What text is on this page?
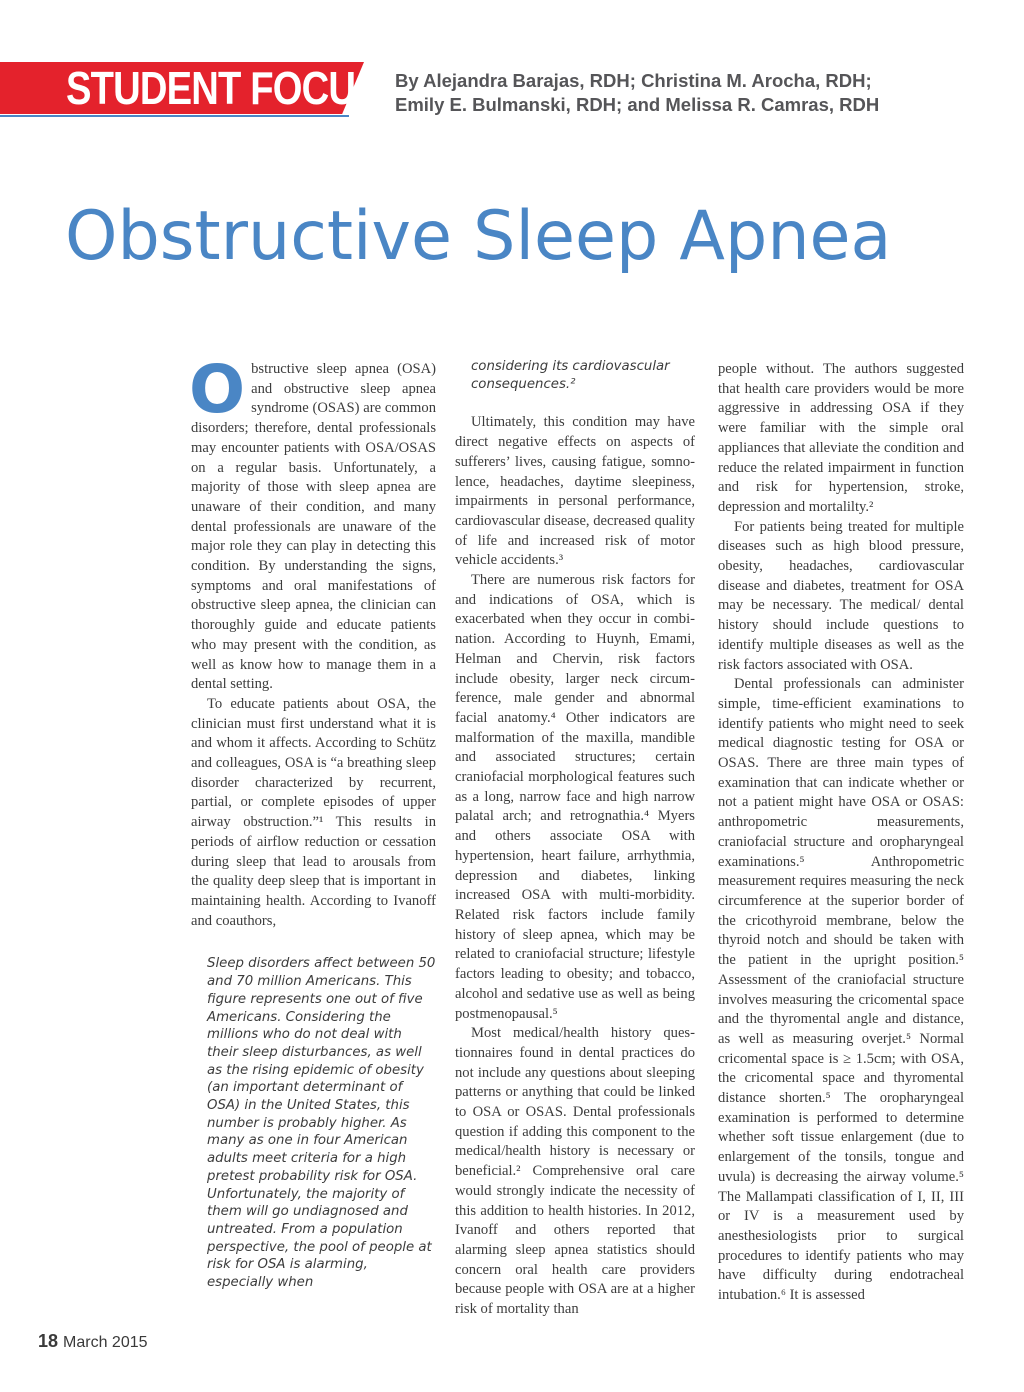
STUDENT FOCUS By Alejandra Barajas, RDH; Christina M. Arocha, RDH;
Emily E. Bulmanski, RDH; and Melissa R. Camras, RDH
Obstructive Sleep Apnea

Obstructive sleep apnea (OSA) and obstructive sleep apnea syndrome (OSAS) are common disorders; therefore, dental professionals may encounter patients with OSA/OSAS on a regular basis. Unfortunately, a majority of those with sleep apnea are unaware of their condition, and many dental professionals are unaware of the major role they can play in detecting this condition. By understanding the signs, symptoms and oral manifestations of obstructive sleep apnea, the clinician can thoroughly guide and educate patients who may present with the condition, as well as know how to manage them in a dental setting.

To educate patients about OSA, the clinician must first understand what it is and whom it affects. According to Schütz and colleagues, OSA is “a breathing sleep disorder characterized by recurrent, partial, or complete episodes of upper airway obstruction.”¹ This results in periods of airflow reduction or cessation during sleep that lead to arousals from the quality deep sleep that is important in maintaining health. According to Ivanoff and coauthors,

Sleep disorders affect between 50 and 70 million Americans. This figure represents one out of five Americans. Considering the millions who do not deal with their sleep disturbances, as well as the rising epidemic of obesity (an important determinant of OSA) in the United States, this number is probably higher. As many as one in four American adults meet criteria for a high pretest probability risk for OSA. Unfortunately, the majority of them will go undiagnosed and untreated. From a population perspective, the pool of people at risk for OSA is alarming, especially when

considering its cardiovascular consequences.²

Ultimately, this condition may have direct negative effects on aspects of sufferers’ lives, causing fatigue, somnolence, headaches, daytime sleepiness, impairments in personal performance, cardiovascular disease, decreased quality of life and increased risk of motor vehicle accidents.³

There are numerous risk factors for and indications of OSA, which is exacerbated when they occur in combination. According to Huynh, Emami, Helman and Chervin, risk factors include obesity, larger neck circumference, male gender and abnormal facial anatomy.⁴ Other indicators are malformation of the maxilla, mandible and associated structures; certain craniofacial morphological features such as a long, narrow face and high narrow palatal arch; and retrognathia.⁴ Myers and others associate OSA with hypertension, heart failure, arrhythmia, depression and diabetes, linking increased OSA with multi-morbidity. Related risk factors include family history of sleep apnea, which may be related to craniofacial structure; lifestyle factors leading to obesity; and tobacco, alcohol and sedative use as well as being postmenopausal.⁵

Most medical/health history questionnaires found in dental practices do not include any questions about sleeping patterns or anything that could be linked to OSA or OSAS. Dental professionals question if adding this component to the medical/health history is necessary or beneficial.² Comprehensive oral care would strongly indicate the necessity of this addition to health histories. In 2012, Ivanoff and others reported that alarming sleep apnea statistics should concern oral health care providers because people with OSA are at a higher risk of mortality than

people without. The authors suggested that health care providers would be more aggressive in addressing OSA if they were familiar with the simple oral appliances that alleviate the condition and reduce the related impairment in function and risk for hypertension, stroke, depression and mortalilty.²

For patients being treated for multiple diseases such as high blood pressure, obesity, headaches, cardiovascular disease and diabetes, treatment for OSA may be necessary. The medical/ dental history should include questions to identify multiple diseases as well as the risk factors associated with OSA.

Dental professionals can administer simple, time-efficient examinations to identify patients who might need to seek medical diagnostic testing for OSA or OSAS. There are three main types of examination that can indicate whether or not a patient might have OSA or OSAS: anthropometric measurements, craniofacial structure and oropharyngeal examinations.⁵ Anthropometric measurement requires measuring the neck circumference at the superior border of the cricothyroid membrane, below the thyroid notch and should be taken with the patient in the upright position.⁵ Assessment of the craniofacial structure involves measuring the cricomental space and the thyromental angle and distance, as well as measuring overjet.⁵ Normal cricomental space is ≥ 1.5cm; with OSA, the cricomental space and thyromental distance shorten.⁵ The oropharyngeal examination is performed to determine whether soft tissue enlargement (due to enlargement of the tonsils, tongue and uvula) is decreasing the airway volume.⁵ The Mallampati classification of I, II, III or IV is a measurement used by anesthesiologists prior to surgical procedures to identify patients who may have difficulty during endotracheal intubation.⁶ It is assessed

18 March 2015
